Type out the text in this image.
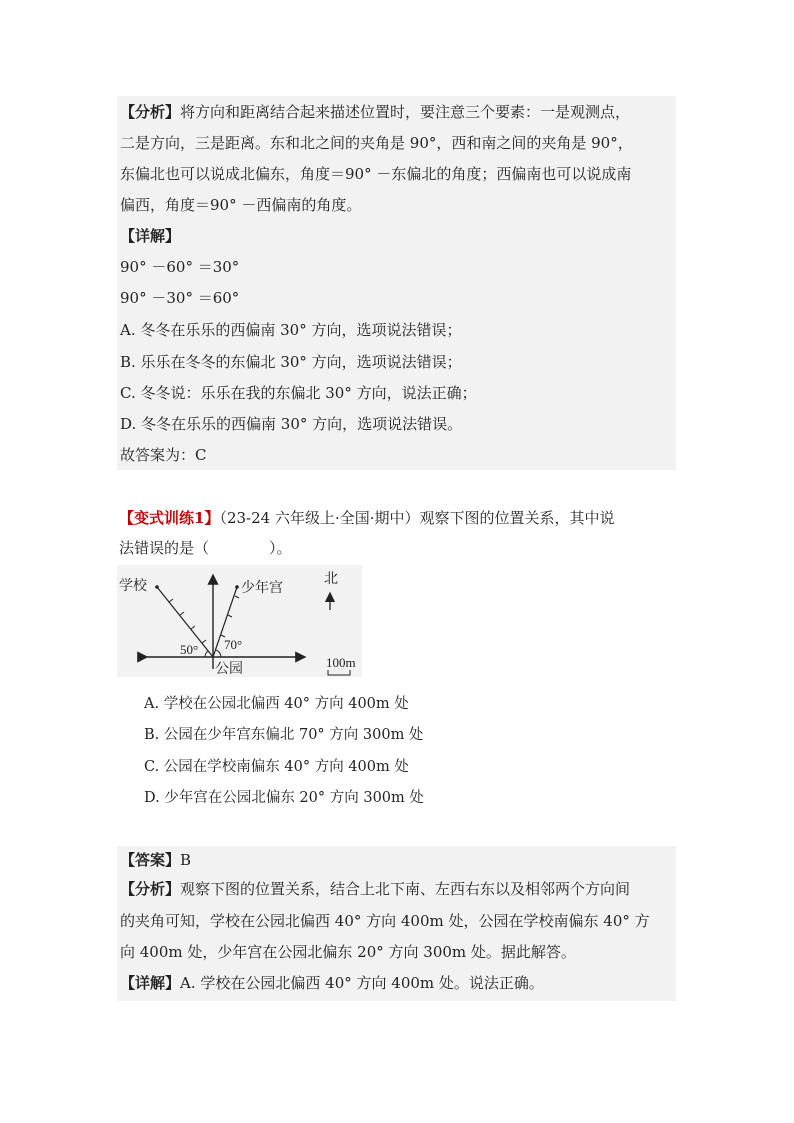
【分析】将方向和距离结合起来描述位置时，要注意三个要素：一是观测点，
二是方向，三是距离。东和北之间的夹角是 90°，西和南之间的夹角是 90°，
东偏北也可以说成北偏东，角度＝90° －东偏北的角度；西偏南也可以说成南
偏西，角度＝90° －西偏南的角度。
【详解】
90° －60° ＝30°
90° －30° ＝60°
A. 冬冬在乐乐的西偏南 30° 方向，选项说法错误；
B. 乐乐在冬冬的东偏北 30° 方向，选项说法错误；
C. 冬冬说：乐乐在我的东偏北 30° 方向，说法正确；
D. 冬冬在乐乐的西偏南 30° 方向，选项说法错误。
故答案为：C
【变式训练1】（23-24 六年级上·全国·期中）观察下图的位置关系，其中说
法错误的是（　　　　）。
学校	少年宫
50° 70°
公园
北
100m
A. 学校在公园北偏西 40° 方向 400m 处
B. 公园在少年宫东偏北 70° 方向 300m 处
C. 公园在学校南偏东 40° 方向 400m 处
D. 少年宫在公园北偏东 20° 方向 300m 处
【答案】B
【分析】观察下图的位置关系，结合上北下南、左西右东以及相邻两个方向间
的夹角可知，学校在公园北偏西 40° 方向 400m 处，公园在学校南偏东 40° 方
向 400m 处，少年宫在公园北偏东 20° 方向 300m 处。据此解答。
【详解】A. 学校在公园北偏西 40° 方向 400m 处。说法正确。
